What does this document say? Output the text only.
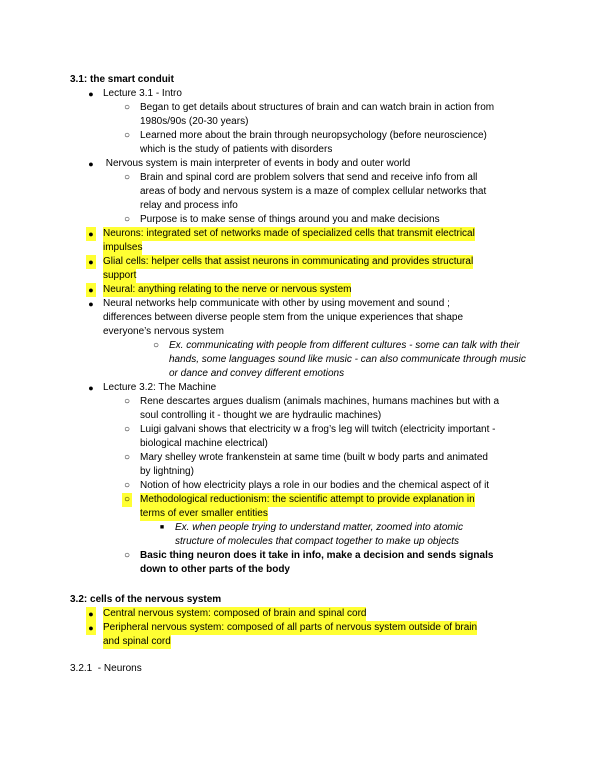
3.1: the smart conduit
● Lecture 3.1 - Intro
○ Began to get details about structures of brain and can watch brain in action from
1980s/90s (20-30 years)
○ Learned more about the brain through neuropsychology (before neuroscience)
which is the study of patients with disorders
● Nervous system is main interpreter of events in body and outer world
○ Brain and spinal cord are problem solvers that send and receive info from all
areas of body and nervous system is a maze of complex cellular networks that
relay and process info
○ Purpose is to make sense of things around you and make decisions
● Neurons: integrated set of networks made of specialized cells that transmit electrical
impulses
● Glial cells: helper cells that assist neurons in communicating and provides structural
support
● Neural: anything relating to the nerve or nervous system
● Neural networks help communicate with other by using movement and sound ;
differences between diverse people stem from the unique experiences that shape
everyone’s nervous system
○ Ex. communicating with people from different cultures - some can talk with their
hands, some languages sound like music - can also communicate through music
or dance and convey different emotions
● Lecture 3.2: The Machine
○ Rene descartes argues dualism (animals machines, humans machines but with a
soul controlling it - thought we are hydraulic machines)
○ Luigi galvani shows that electricity w a frog’s leg will twitch (electricity important -
biological machine electrical)
○ Mary shelley wrote frankenstein at same time (built w body parts and animated
by lightning)
○ Notion of how electricity plays a role in our bodies and the chemical aspect of it
○ Methodological reductionism: the scientific attempt to provide explanation in
terms of ever smaller entities
■ Ex. when people trying to understand matter, zoomed into atomic
structure of molecules that compact together to make up objects
○ Basic thing neuron does it take in info, make a decision and sends signals
down to other parts of the body
3.2: cells of the nervous system
● Central nervous system: composed of brain and spinal cord
● Peripheral nervous system: composed of all parts of nervous system outside of brain
and spinal cord
3.2.1  - Neurons
